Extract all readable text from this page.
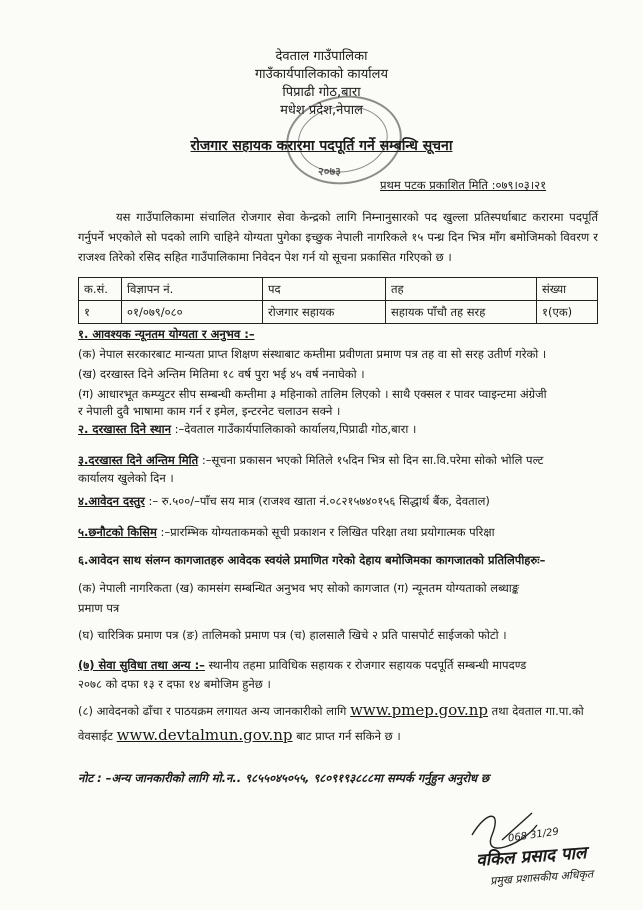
देवताल गाउँपालिका
गाउँकार्यपालिकाको कार्यालय
पिप्राढी गोठ,बारा
मधेश प्रदेश,नेपाल
२०७३
रोजगार सहायक करारमा पदपूर्ति गर्ने सम्बन्धि सूचना
प्रथम पटक प्रकाशित मिति :०७९।०३।२१
यस गाउँपालिकामा संचालित रोजगार सेवा केन्द्रको लागि निम्नानुसारको पद खुल्ला प्रतिस्पर्धाबाट करारमा पदपूर्ति गर्नुपर्ने भएकोले सो पदको लागि चाहिने योग्यता पुगेका इच्छुक नेपाली नागरिकले १५ पन्ध्र दिन भित्र माँग बमोजिमको विवरण र राजश्व तिरेको रसिद सहित गाउँपालिकामा निवेदन पेश गर्न यो सूचना प्रकासित गरिएको छ ।
क.सं.	विज्ञापन नं.	पद	तह	संख्या
१	०१/०७९/०८०	रोजगार सहायक	सहायक पाँचौ तह सरह	१(एक)
१. आवश्यक न्यूनतम योग्यता र अनुभव :–
(क) नेपाल सरकारबाट मान्यता प्राप्त शिक्षण संस्थाबाट कम्तीमा प्रवीणता प्रमाण पत्र तह वा सो सरह उतीर्ण गरेको ।
(ख) दरखास्त दिने अन्तिम मितिमा १८ वर्ष पुरा भई ४५ वर्ष ननाघेको ।
(ग) आधारभूत कम्प्युटर सीप सम्बन्धी कम्तीमा ३ महिनाको तालिम लिएको । साथै एक्सल र पावर प्वाइन्टमा अंग्रेजी
र नेपाली दुवै भाषामा काम गर्न र इमेल, इन्टरनेट चलाउन सक्ने ।
२. दरखास्त दिने स्थान :–देवताल गाउँकार्यपालिकाको कार्यालय,पिप्राढी गोठ,बारा ।
३.दरखास्त दिने अन्तिम मिति :–सूचना प्रकासन भएको मितिले १५दिन भित्र सो दिन सा.वि.परेमा सोको भोलि पल्ट
कार्यालय खुलेको दिन ।
४.आवेदन दस्तुर :– रु.५००/–पाँच सय मात्र (राजश्व खाता नं.०८२१५७४०१५६ सिद्धार्थ बैंक, देवताल)
५.छनौटको किसिम :–प्रारम्भिक योग्यताकमको सूची प्रकाशन र लिखित परिक्षा तथा प्रयोगात्मक परिक्षा
६.आवेदन साथ संलग्न कागजातहरु आवेदक स्वयंले प्रमाणित गरेको देहाय बमोजिमका कागजातको प्रतिलिपीहरुः–
(क) नेपाली नागरिकता (ख) कामसंग सम्बन्धित अनुभव भए सोको कागजात (ग) न्यूनतम योग्यताको लब्धाङ्क
प्रमाण पत्र
(घ) चारित्रिक प्रमाण पत्र (ङ) तालिमको प्रमाण पत्र (च) हालसालै खिचे २ प्रति पासपोर्ट साईजको फोटो ।
(७) सेवा सुविधा तथा अन्य :– स्थानीय तहमा प्राविधिक सहायक र रोजगार सहायक पदपूर्ति सम्बन्धी मापदण्ड
२०७८ को दफा १३ र दफा १४ बमोजिम हुनेछ ।
(८) आवेदनको ढाँचा र पाठयक्रम लगायत अन्य जानकारीको लागि www.pmep.gov.np तथा देवताल गा.पा.को
वेवसाईट www.devtalmun.gov.np बाट प्राप्त गर्न सकिने छ ।
नोट : –अन्य जानकारीको लागि मो.न.. ९८५५०४५०५५, ९८०९१९३८८८मा सम्पर्क गर्नुहुन अनुरोध छ
068 31/29
वकिल प्रसाद पाल
प्रमुख प्रशासकीय अधिकृत
